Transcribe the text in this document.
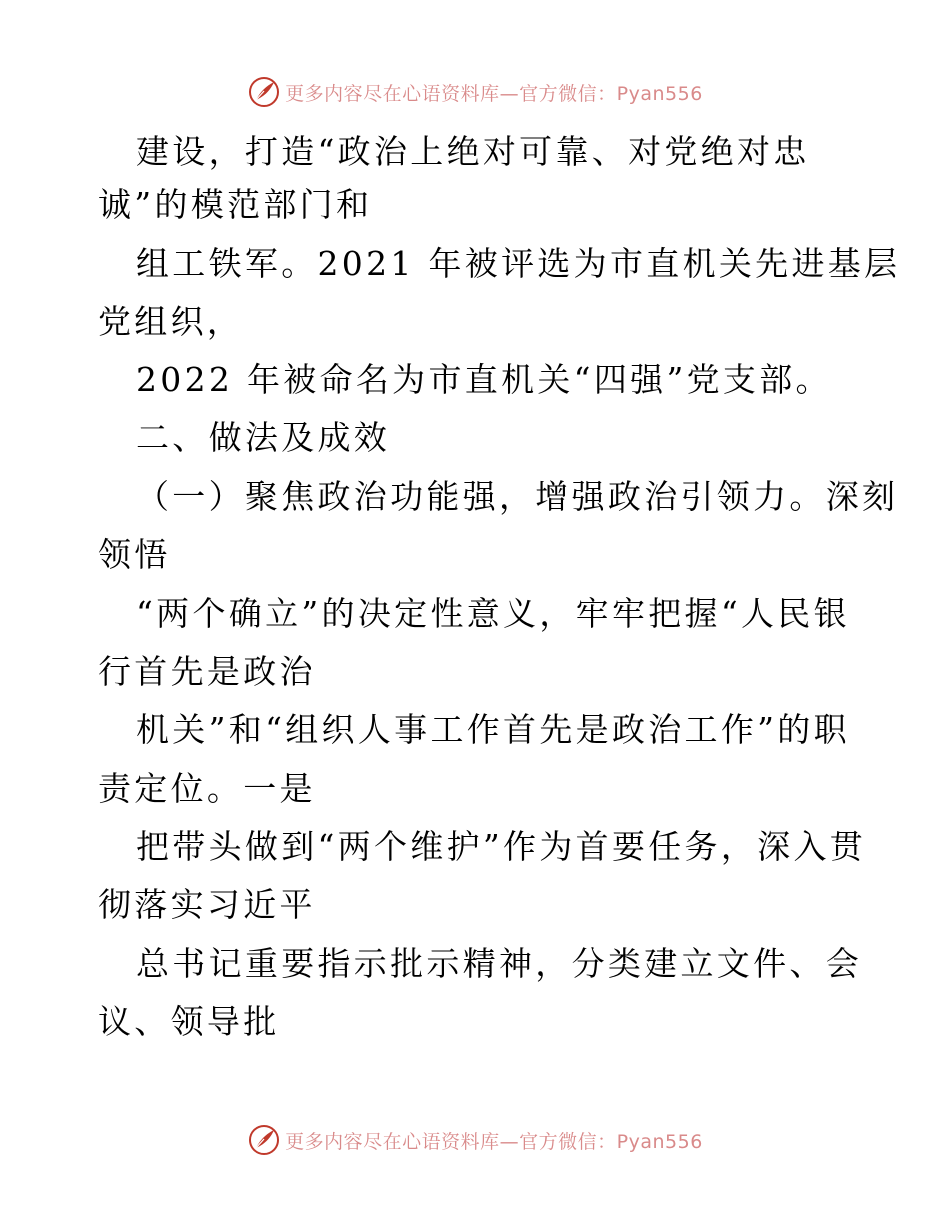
更多内容尽在心语资料库—官方微信：Pyan556
建设，打造“政治上绝对可靠、对党绝对忠
诚”的模范部门和
组工铁军。2021 年被评选为市直机关先进基层
党组织，
2022 年被命名为市直机关“四强”党支部。
二、做法及成效
（一）聚焦政治功能强，增强政治引领力。深刻
领悟
“两个确立”的决定性意义，牢牢把握“人民银
行首先是政治
机关”和“组织人事工作首先是政治工作”的职
责定位。一是
把带头做到“两个维护”作为首要任务，深入贯
彻落实习近平
总书记重要指示批示精神，分类建立文件、会
议、领导批
更多内容尽在心语资料库—官方微信：Pyan556
